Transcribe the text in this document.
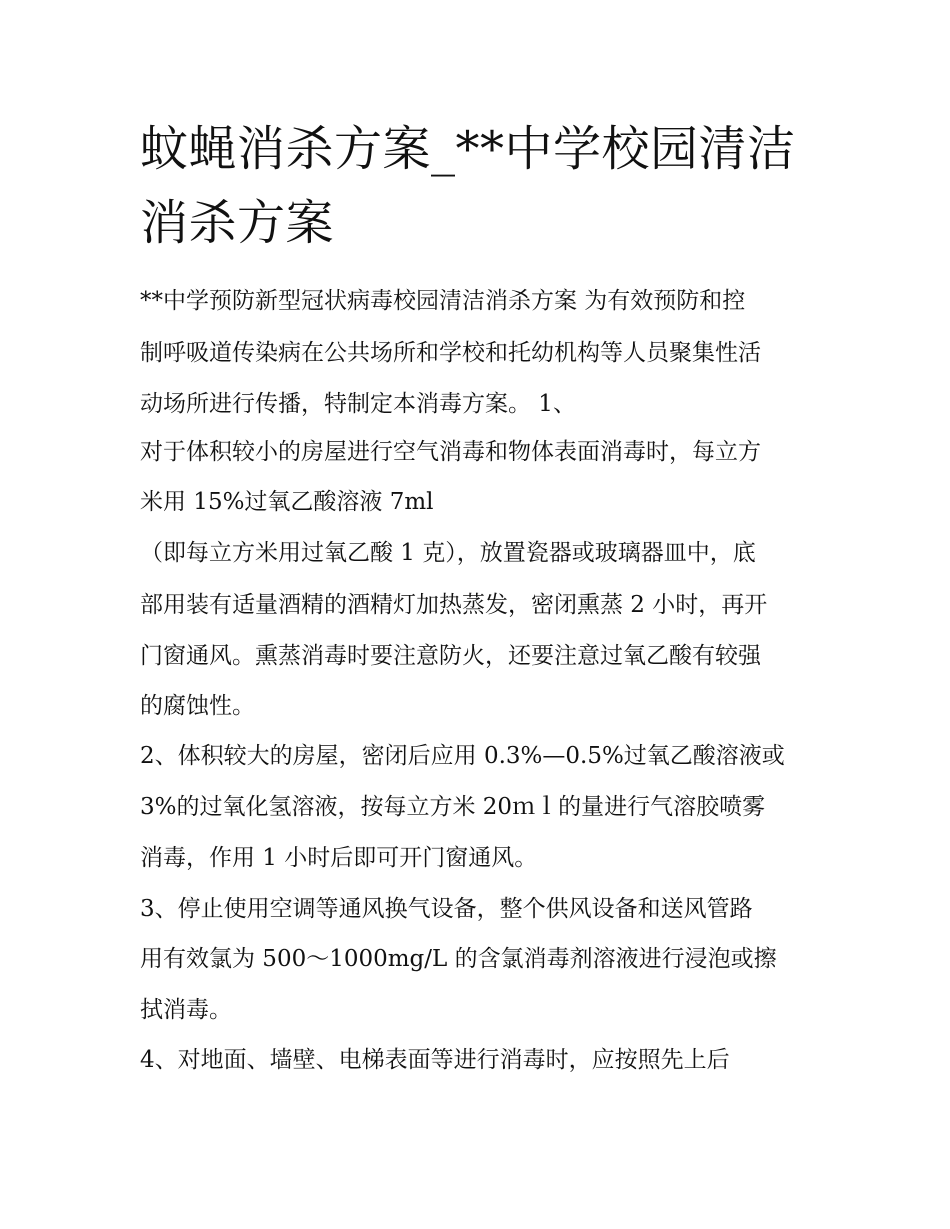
蚊蝇消杀方案_**中学校园清洁
消杀方案

**中学预防新型冠状病毒校园清洁消杀方案 为有效预防和控

制呼吸道传染病在公共场所和学校和托幼机构等人员聚集性活

动场所进行传播，特制定本消毒方案。 1、

对于体积较小的房屋进行空气消毒和物体表面消毒时，每立方

米用 15%过氧乙酸溶液 7ml

（即每立方米用过氧乙酸 1 克），放置瓷器或玻璃器皿中，底

部用装有适量酒精的酒精灯加热蒸发，密闭熏蒸 2 小时，再开

门窗通风。熏蒸消毒时要注意防火，还要注意过氧乙酸有较强

的腐蚀性。

2、体积较大的房屋，密闭后应用 0.3%—0.5%过氧乙酸溶液或

3%的过氧化氢溶液，按每立方米 20ｍｌ的量进行气溶胶喷雾

消毒，作用 1 小时后即可开门窗通风。

3、停止使用空调等通风换气设备，整个供风设备和送风管路

用有效氯为 500～1000mg/L 的含氯消毒剂溶液进行浸泡或擦

拭消毒。

4、对地面、墙壁、电梯表面等进行消毒时，应按照先上后
